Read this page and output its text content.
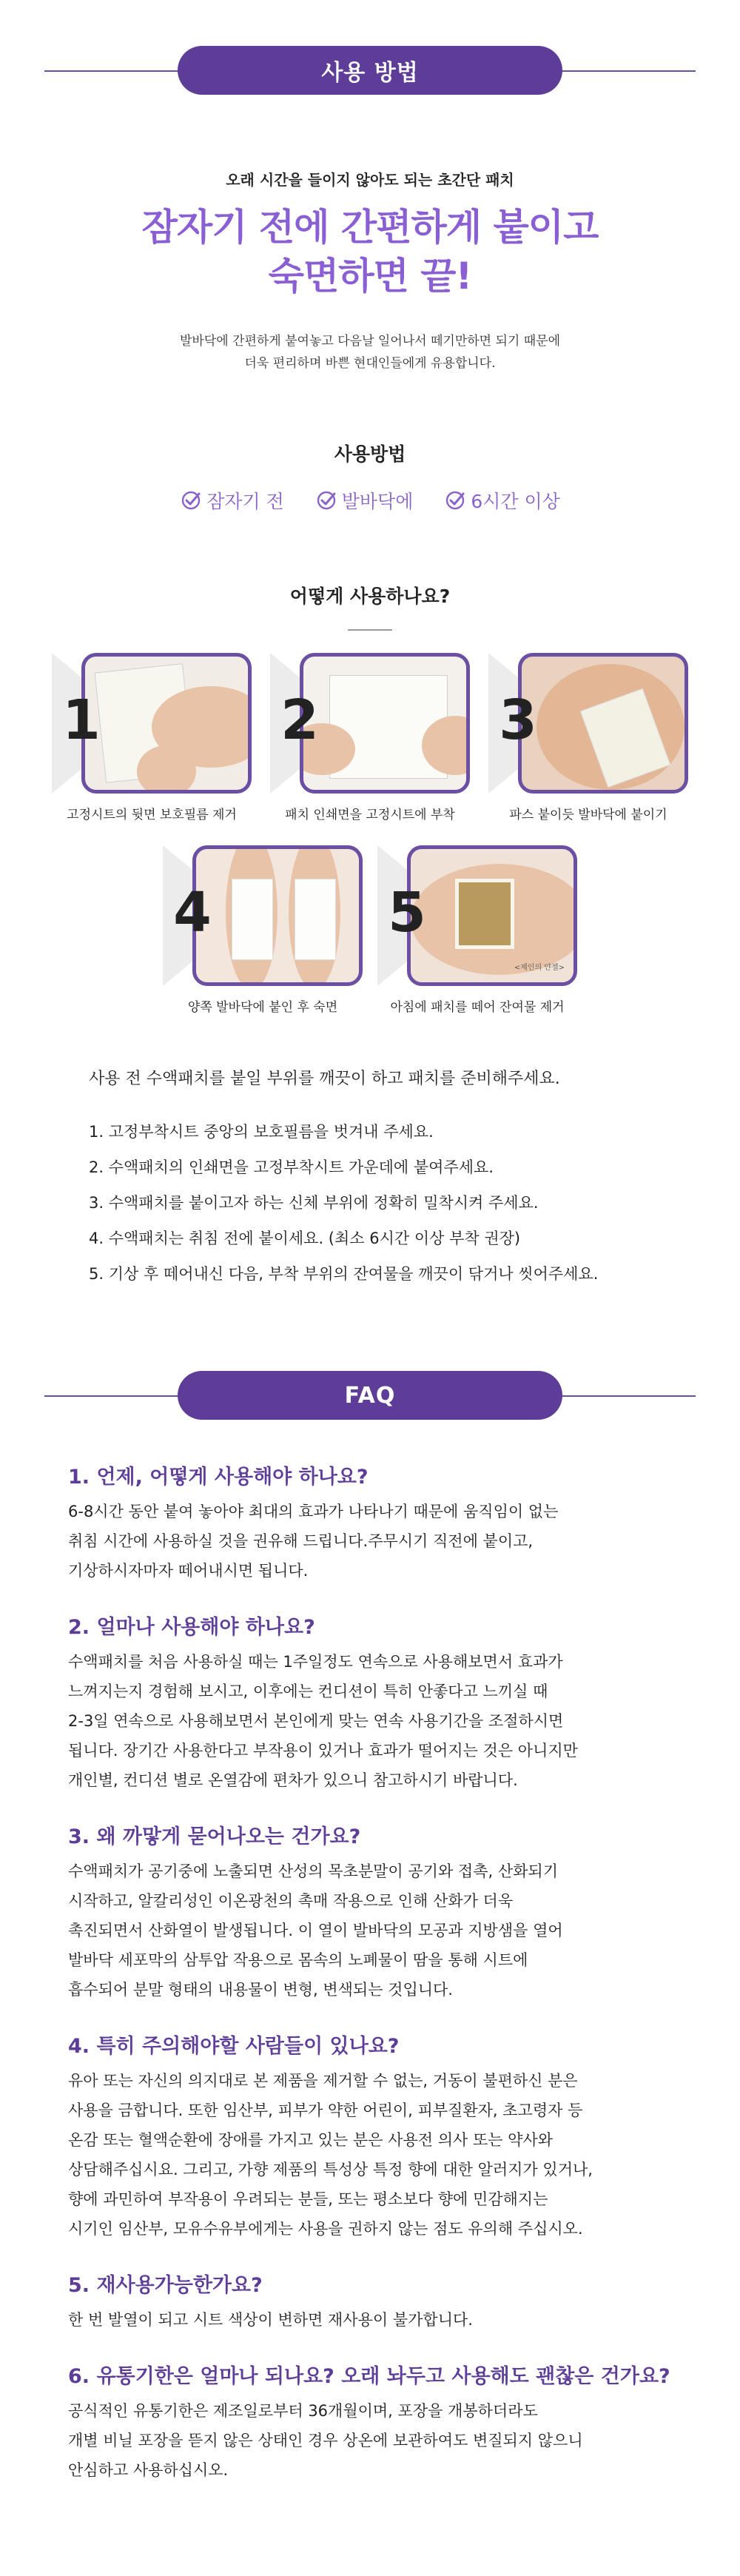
사용 방법
오래 시간을 들이지 않아도 되는 초간단 패치
잠자기 전에 간편하게 붙이고
숙면하면 끝!
발바닥에 간편하게 붙여놓고 다음날 일어나서 떼기만하면 되기 때문에
더욱 편리하며 바쁜 현대인들에게 유용합니다.
사용방법
잠자기 전	발바닥에	6시간 이상
어떻게 사용하나요?
1
고정시트의 뒷면 보호필름 제거
2
패치 인쇄면을 고정시트에 부착
3
파스 붙이듯 발바닥에 붙이기
4
양쪽 발바닥에 붙인 후 숙면
<제인의 얀젤>
5
아침에 패치를 떼어 잔여물 제거
사용 전 수액패치를 붙일 부위를 깨끗이 하고 패치를 준비해주세요.
1. 고정부착시트 중앙의 보호필름을 벗겨내 주세요.
2. 수액패치의 인쇄면을 고정부착시트 가운데에 붙여주세요.
3. 수액패치를 붙이고자 하는 신체 부위에 정확히 밀착시켜 주세요.
4. 수액패치는 취침 전에 붙이세요. (최소 6시간 이상 부착 권장)
5. 기상 후 떼어내신 다음, 부착 부위의 잔여물을 깨끗이 닦거나 씻어주세요.
FAQ
1. 언제, 어떻게 사용해야 하나요?
6-8시간 동안 붙여 놓아야 최대의 효과가 나타나기 때문에 움직임이 없는
취침 시간에 사용하실 것을 권유해 드립니다.주무시기 직전에 붙이고,
기상하시자마자 떼어내시면 됩니다.
2. 얼마나 사용해야 하나요?
수액패치를 처음 사용하실 때는 1주일정도 연속으로 사용해보면서 효과가
느껴지는지 경험해 보시고, 이후에는 컨디션이 특히 안좋다고 느끼실 때
2-3일 연속으로 사용해보면서 본인에게 맞는 연속 사용기간을 조절하시면
됩니다. 장기간 사용한다고 부작용이 있거나 효과가 떨어지는 것은 아니지만
개인별, 컨디션 별로 온열감에 편차가 있으니 참고하시기 바랍니다.
3. 왜 까맣게 묻어나오는 건가요?
수액패치가 공기중에 노출되면 산성의 목초분말이 공기와 접촉, 산화되기
시작하고, 알칼리성인 이온광천의 촉매 작용으로 인해 산화가 더욱
촉진되면서 산화열이 발생됩니다. 이 열이 발바닥의 모공과 지방샘을 열어
발바닥 세포막의 삼투압 작용으로 몸속의 노폐물이 땀을 통해 시트에
흡수되어 분말 형태의 내용물이 변형, 변색되는 것입니다.
4. 특히 주의해야할 사람들이 있나요?
유아 또는 자신의 의지대로 본 제품을 제거할 수 없는, 거동이 불편하신 분은
사용을 금합니다. 또한 임산부, 피부가 약한 어린이, 피부질환자, 초고령자 등
온감 또는 혈액순환에 장애를 가지고 있는 분은 사용전 의사 또는 약사와
상담해주십시요. 그리고, 가향 제품의 특성상 특정 향에 대한 알러지가 있거나,
향에 과민하여 부작용이 우려되는 분들, 또는 평소보다 향에 민감해지는
시기인 임산부, 모유수유부에게는 사용을 권하지 않는 점도 유의해 주십시오.
5. 재사용가능한가요?
한 번 발열이 되고 시트 색상이 변하면 재사용이 불가합니다.
6. 유통기한은 얼마나 되나요? 오래 놔두고 사용해도 괜찮은 건가요?
공식적인 유통기한은 제조일로부터 36개월이며, 포장을 개봉하더라도
개별 비닐 포장을 뜯지 않은 상태인 경우 상온에 보관하여도 변질되지 않으니
안심하고 사용하십시오.
